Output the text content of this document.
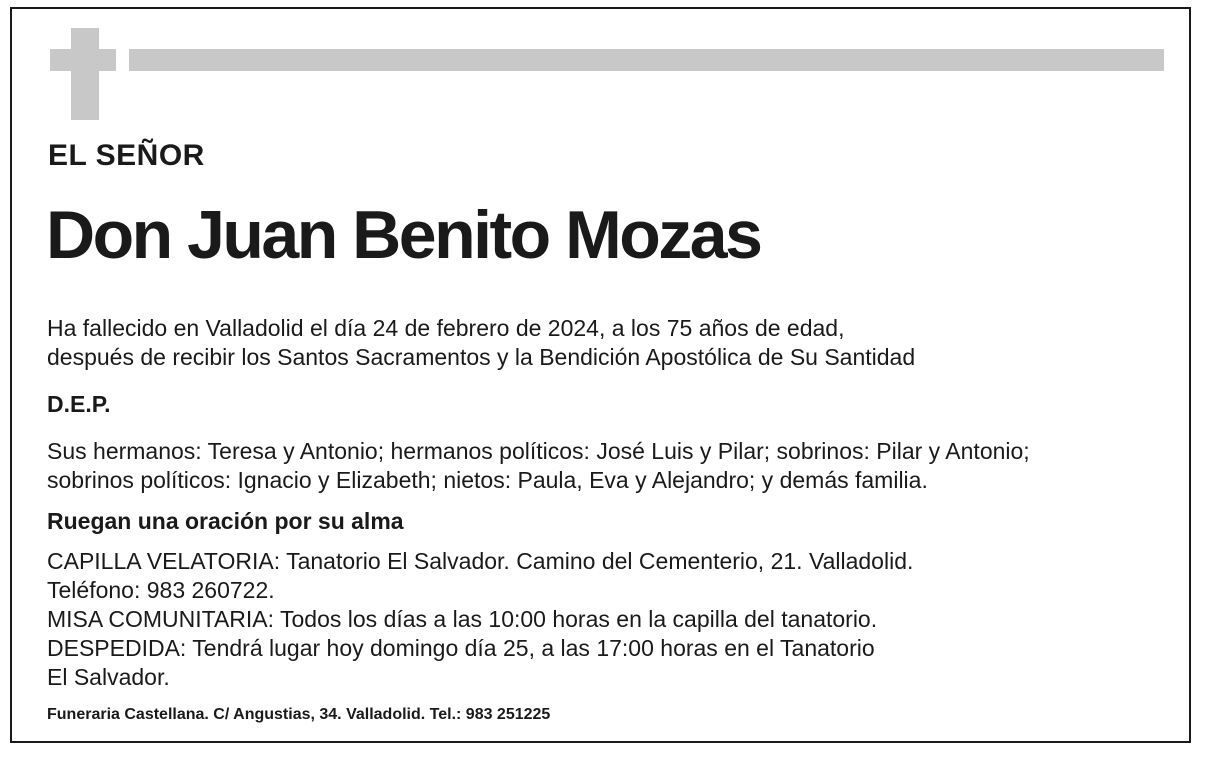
EL SEÑOR
Don Juan Benito Mozas
Ha fallecido en Valladolid el día 24 de febrero de 2024, a los 75 años de edad,
después de recibir los Santos Sacramentos y la Bendición Apostólica de Su Santidad
D.E.P.
Sus hermanos: Teresa y Antonio; hermanos políticos: José Luis y Pilar; sobrinos: Pilar y Antonio;
sobrinos políticos: Ignacio y Elizabeth; nietos: Paula, Eva y Alejandro; y demás familia.
Ruegan una oración por su alma
CAPILLA VELATORIA: Tanatorio El Salvador. Camino del Cementerio, 21. Valladolid.
Teléfono: 983 260722.
MISA COMUNITARIA: Todos los días a las 10:00 horas en la capilla del tanatorio.
DESPEDIDA: Tendrá lugar hoy domingo día 25, a las 17:00 horas en el Tanatorio
El Salvador.
Funeraria Castellana. C/ Angustias, 34. Valladolid. Tel.: 983 251225
